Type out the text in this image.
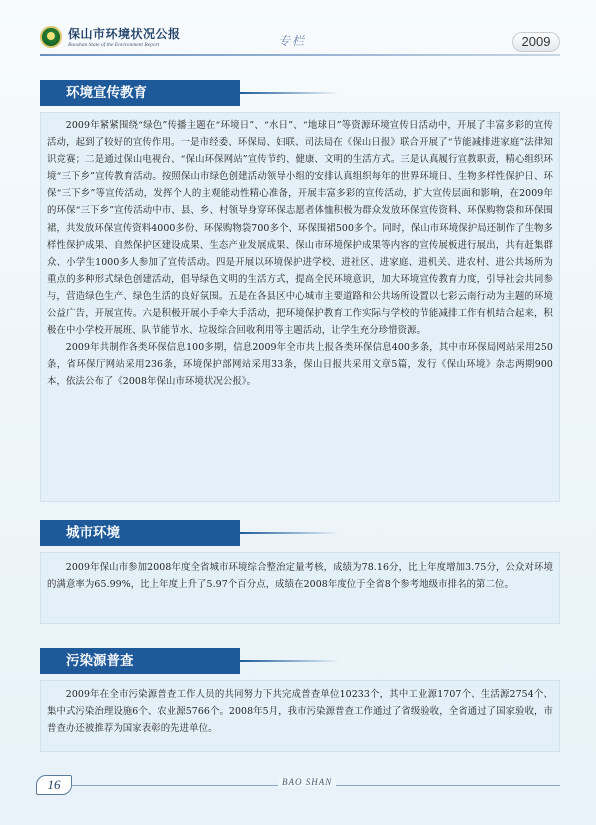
保山市环境状况公报
Baoshan State of the Environment Report	专栏	2009
环境宣传教育

2009年紧紧围绕“绿色”传播主题在“环境日”、“水日”、“地球日”等资源环境宣传日活动中，开展了丰富多彩的宣传活动，起到了较好的宣传作用。一是市经委、环保局、妇联、司法局在《保山日报》联合开展了“节能减排进家庭”法律知识竞赛；二是通过保山电视台、“保山环保网站”宣传节约、健康、文明的生活方式。三是认真履行宣教职责，精心组织环境“三下乡”宣传教育活动。按照保山市绿色创建活动领导小组的安排认真组织每年的世界环境日、生物多样性保护日、环保“三下乡”等宣传活动，发挥个人的主观能动性精心准备，开展丰富多彩的宣传活动，扩大宣传层面和影响，在2009年的环保“三下乡”宣传活动中市、县、乡、村领导身穿环保志愿者体恤积极为群众发放环保宣传资料、环保购物袋和环保围裙，共发放环保宣传资料4000多份、环保购物袋700多个、环保围裙500多个。同时，保山市环境保护局还制作了生物多样性保护成果、自然保护区建设成果、生态产业发展成果、保山市环境保护成果等内容的宣传展板进行展出，共有赶集群众、小学生1000多人参加了宣传活动。四是开展以环境保护进学校、进社区、进家庭、进机关、进农村、进公共场所为重点的多种形式绿色创建活动，倡导绿色文明的生活方式，提高全民环境意识，加大环境宣传教育力度，引导社会共同参与，营造绿色生产、绿色生活的良好氛围。五是在各县区中心城市主要道路和公共场所设置以七彩云南行动为主题的环境公益广告，开展宣传。六是积极开展小手牵大手活动，把环境保护教育工作实际与学校的节能减排工作有机结合起来，积极在中小学校开展班、队节能节水、垃圾综合回收利用等主题活动，让学生充分珍惜资源。

2009年共制作各类环保信息100多期，信息2009年全市共上报各类环保信息400多条，其中市环保局网站采用250条，省环保厅网站采用236条，环境保护部网站采用33条，保山日报共采用文章5篇，发行《保山环境》杂志两期900本，依法公布了《2008年保山市环境状况公报》。

城市环境

2009年保山市参加2008年度全省城市环境综合整治定量考核，成绩为78.16分，比上年度增加3.75分，公众对环境的满意率为65.99%，比上年度上升了5.97个百分点，成绩在2008年度位于全省8个参考地级市排名的第二位。

污染源普查

2009年在全市污染源普查工作人员的共同努力下共完成普查单位10233个，其中工业源1707个、生活源2754个、集中式污染治理设施6个、农业源5766个。2008年5月，我市污染源普查工作通过了省级验收，全省通过了国家验收，市普查办还被推荐为国家表彰的先进单位。

16	BAO SHAN
